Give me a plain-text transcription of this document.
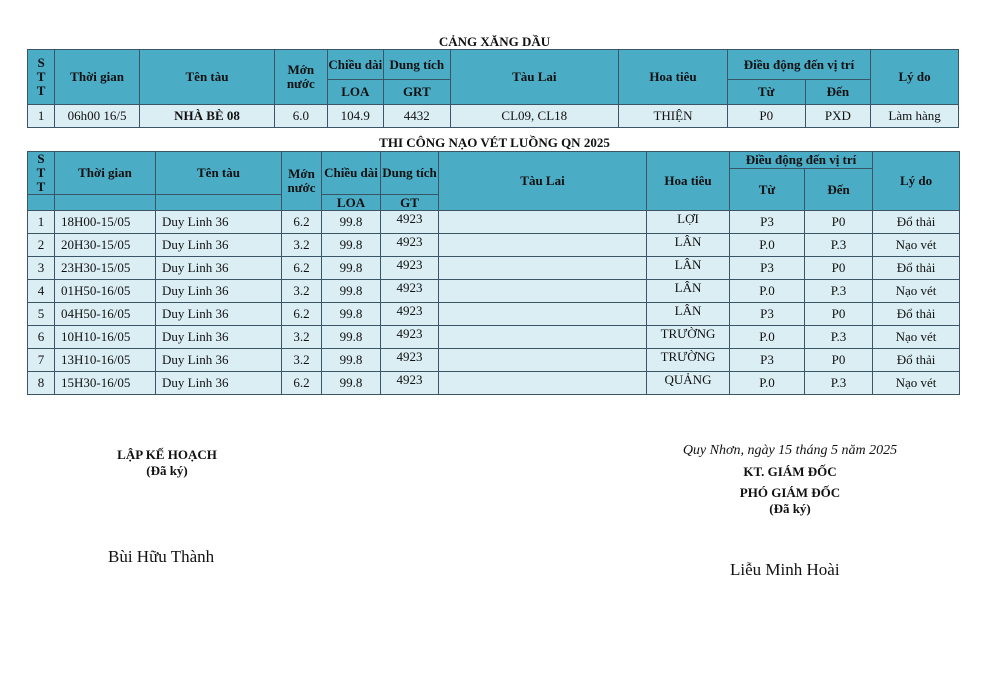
CẢNG XĂNG DẦU
S
T
T	Thời gian	Tên tàu	Mớn nước	Chiều dài	Dung tích	Tàu Lai	Hoa tiêu	Điều động đến vị trí		Lý do
				LOA	GRT			Từ	Đến	
1	06h00 16/5	NHÀ BÈ 08	6.0	104.9	4432	CL09, CL18	THIỆN	P0	PXD	Làm hàng
THI CÔNG NẠO VÉT LUỒNG QN 2025
S
T
T	Thời gian	Tên tàu	Mớn nước	Chiều dài	Dung tích	Tàu Lai	Hoa tiêu	Điều động đến vị trí		Lý do
								Từ	Đến	
				LOA	GT					
1	18H00-15/05	Duy Linh 36	6.2	99.8	4923		LỢI	P3	P0	Đổ thải
2	20H30-15/05	Duy Linh 36	3.2	99.8	4923		LÂN	P.0	P.3	Nạo vét
3	23H30-15/05	Duy Linh 36	6.2	99.8	4923		LÂN	P3	P0	Đổ thải
4	01H50-16/05	Duy Linh 36	3.2	99.8	4923		LÂN	P.0	P.3	Nạo vét
5	04H50-16/05	Duy Linh 36	6.2	99.8	4923		LÂN	P3	P0	Đổ thải
6	10H10-16/05	Duy Linh 36	3.2	99.8	4923		TRƯỜNG	P.0	P.3	Nạo vét
7	13H10-16/05	Duy Linh 36	3.2	99.8	4923		TRƯỜNG	P3	P0	Đổ thải
8	15H30-16/05	Duy Linh 36	6.2	99.8	4923		QUẢNG	P.0	P.3	Nạo vét
LẬP KẾ HOẠCH
(Đã ký)
Bùi Hữu Thành
Quy Nhơn, ngày 15 tháng 5 năm 2025
KT. GIÁM ĐỐC
PHÓ GIÁM ĐỐC
(Đã ký)
Liễu Minh Hoài
